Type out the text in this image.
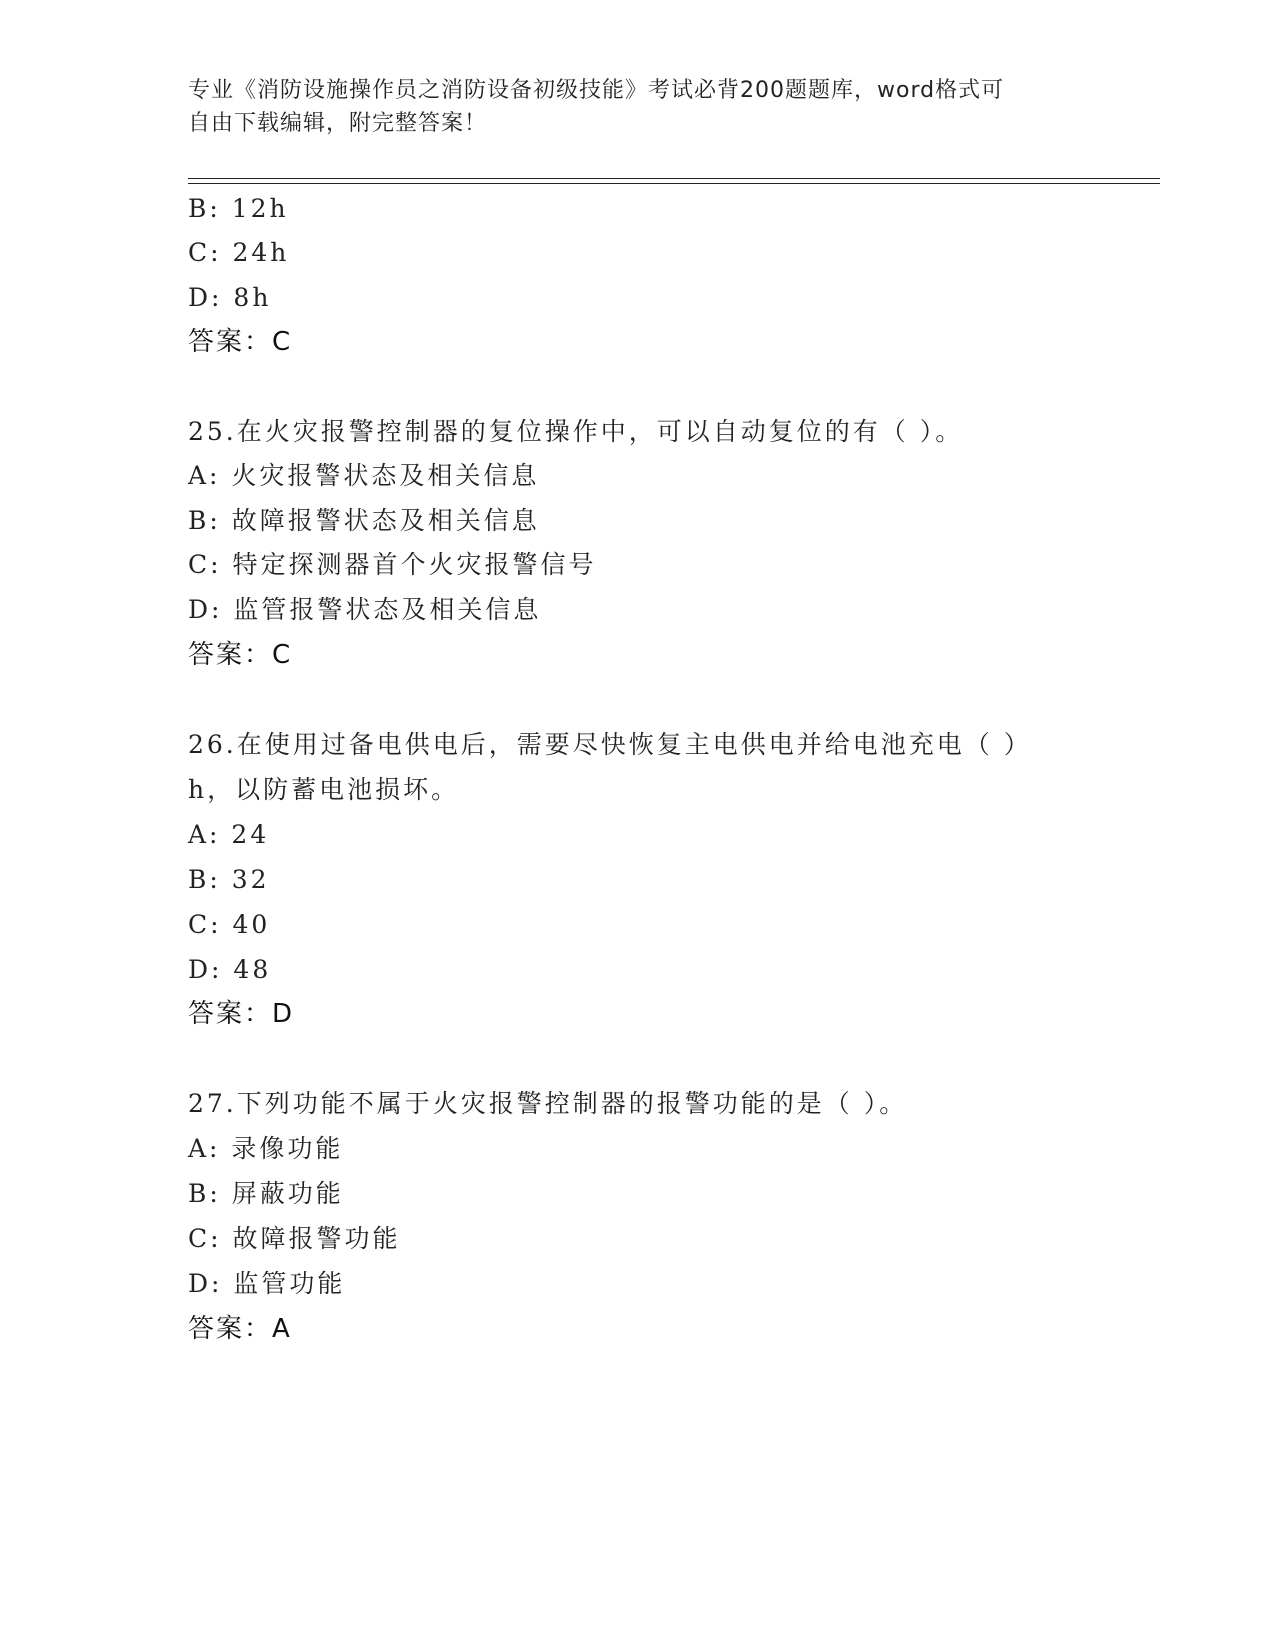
专业《消防设施操作员之消防设备初级技能》考试必背200题题库，word格式可
自由下载编辑，附完整答案！
B: 12h
C: 24h
D: 8h
答案：C
25.在火灾报警控制器的复位操作中，可以自动复位的有（ ）。
A: 火灾报警状态及相关信息
B: 故障报警状态及相关信息
C: 特定探测器首个火灾报警信号
D: 监管报警状态及相关信息
答案：C
26.在使用过备电供电后，需要尽快恢复主电供电并给电池充电（ ）
h，以防蓄电池损坏。
A: 24
B: 32
C: 40
D: 48
答案：D
27.下列功能不属于火灾报警控制器的报警功能的是（ ）。
A: 录像功能
B: 屏蔽功能
C: 故障报警功能
D: 监管功能
答案：A
